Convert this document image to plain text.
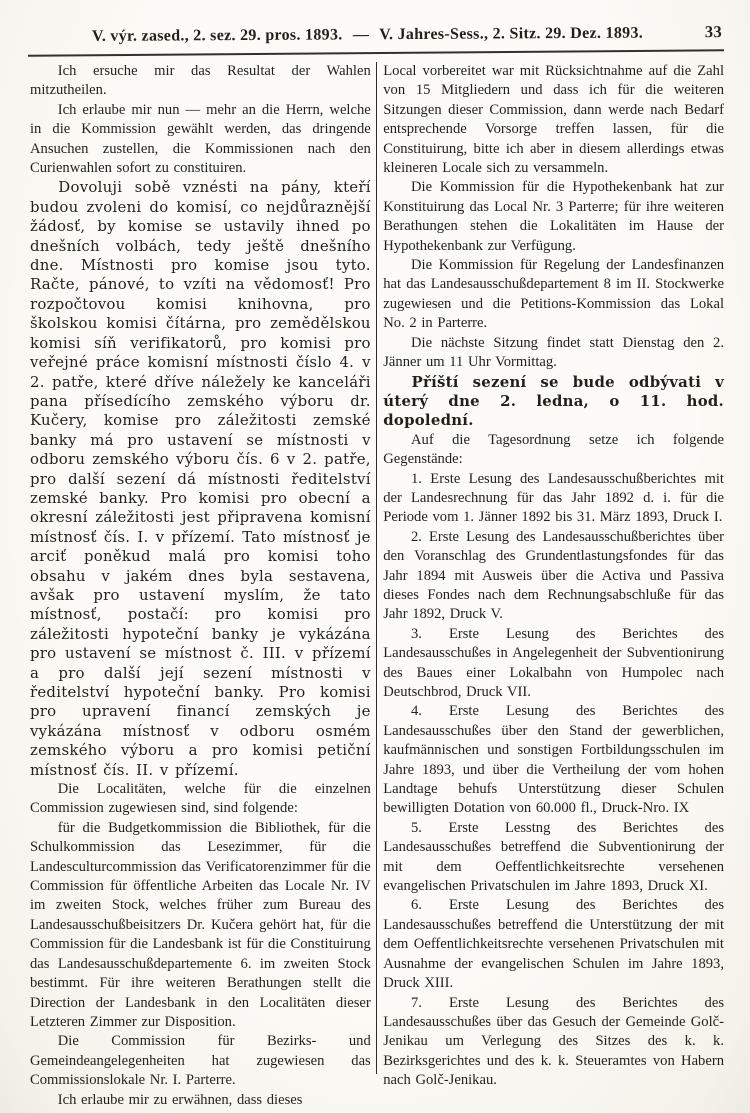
V. výr. zased., 2. sez. 29. pros. 1893. — V. Jahres-Sess., 2. Sitz. 29. Dez. 1893.	33

Ich ersuche mir das Resultat der Wahlen mitzutheilen.

Ich erlaube mir nun — mehr an die Herrn, welche in die Kommission gewählt werden, das dringende Ansuchen zustellen, die Kommissionen nach den Curienwahlen sofort zu constituiren.

Dovoluji sobě vznésti na pány, kteří budou zvoleni do komisí, co nejdůraznější žádosť, by komise se ustavily ihned po dnešních volbách, tedy ještě dnešního dne. Místnosti pro komise jsou tyto. Račte, pánové, to vzíti na vědomosť! Pro rozpočtovou komisi knihovna, pro školskou komisi čítárna, pro zemědělskou komisi síň verifikatorů, pro komisi pro veřejné práce komisní místnosti číslo 4. v 2. patře, které dříve náležely ke kanceláři pana přísedícího zemského výboru dr. Kučery, komise pro záležitosti zemské banky má pro ustavení se místnosti v odboru zemského výboru čís. 6 v 2. patře, pro další sezení dá místnosti ředitelství zemské banky. Pro komisi pro obecní a okresní záležitosti jest připravena komisní místnosť čís. I. v přízemí. Tato místnosť je arciť poněkud malá pro komisi toho obsahu v jakém dnes byla sestavena, avšak pro ustavení myslím, že tato místnosť, postačí: pro komisi pro záležitosti hypoteční banky je vykázána pro ustavení se místnost č. III. v přízemí a pro další její sezení místnosti v ředitelství hypoteční banky. Pro komisi pro upravení financí zemských je vykázána místnosť v odboru osmém zemského výboru a pro komisi petiční místnosť čís. II. v přízemí.

Die Localitäten, welche für die einzelnen Commission zugewiesen sind, sind folgende:

für die Budgetkommission die Bibliothek, für die Schulkommission das Lesezimmer, für die Landesculturcommission das Verificatorenzimmer für die Commission für öffentliche Arbeiten das Locale Nr. IV im zweiten Stock, welches früher zum Bureau des Landesausschußbeisitzers Dr. Kučera gehört hat, für die Commission für die Landesbank ist für die Constituirung das Landesausschußdepartemente 6. im zweiten Stock bestimmt. Für ihre weiteren Berathungen stellt die Direction der Landesbank in den Localitäten dieser Letzteren Zimmer zur Disposition.

Die Commission für Bezirks- und Gemeindeangelegenheiten hat zugewiesen das Commissionslokale Nr. I. Parterre.

Ich erlaube mir zu erwähnen, dass dieses

Local vorbereitet war mit Rücksichtnahme auf die Zahl von 15 Mitgliedern und dass ich für die weiteren Sitzungen dieser Commission, dann werde nach Bedarf entsprechende Vorsorge treffen lassen, für die Constituirung, bitte ich aber in diesem allerdings etwas kleineren Locale sich zu versammeln.

Die Kommission für die Hypothekenbank hat zur Konstituirung das Local Nr. 3 Parterre; für ihre weiteren Berathungen stehen die Lokalitäten im Hause der Hypothekenbank zur Verfügung.

Die Kommission für Regelung der Landesfinanzen hat das Landesausschußdepartement 8 im II. Stockwerke zugewiesen und die Petitions-Kommission das Lokal No. 2 in Parterre.

Die nächste Sitzung findet statt Dienstag den 2. Jänner um 11 Uhr Vormittag.

Příští sezení se bude odbývati v úterý dne 2. ledna, o 11. hod. dopolední.

Auf die Tagesordnung setze ich folgende Gegenstände:

1. Erste Lesung des Landesausschußberichtes mit der Landesrechnung für das Jahr 1892 d. i. für die Periode vom 1. Jänner 1892 bis 31. März 1893, Druck I.

2. Erste Lesung des Landesausschußberichtes über den Voranschlag des Grundentlastungsfondes für das Jahr 1894 mit Ausweis über die Activa und Passiva dieses Fondes nach dem Rechnungsabschluße für das Jahr 1892, Druck V.

3. Erste Lesung des Berichtes des Landesausschußes in Angelegenheit der Subventionirung des Baues einer Lokalbahn von Humpolec nach Deutschbrod, Druck VII.

4. Erste Lesung des Berichtes des Landesausschußes über den Stand der gewerblichen, kaufmännischen und sonstigen Fortbildungsschulen im Jahre 1893, und über die Vertheilung der vom hohen Landtage behufs Unterstützung dieser Schulen bewilligten Dotation von 60.000 fl., Druck-Nro. IX

5. Erste Lesstng des Berichtes des Landesausschußes betreffend die Subventionirung der mit dem Oeffentlichkeitsrechte versehenen evangelischen Privatschulen im Jahre 1893, Druck XI.

6. Erste Lesung des Berichtes des Landesausschußes betreffend die Unterstützung der mit dem Oeffentlichkeitsrechte versehenen Privatschulen mit Ausnahme der evangelischen Schulen im Jahre 1893, Druck XIII.

7. Erste Lesung des Berichtes des Landesausschußes über das Gesuch der Gemeinde Golč-Jenikau um Verlegung des Sitzes des k. k. Bezirksgerichtes und des k. k. Steueramtes von Habern nach Golč-Jenikau.
